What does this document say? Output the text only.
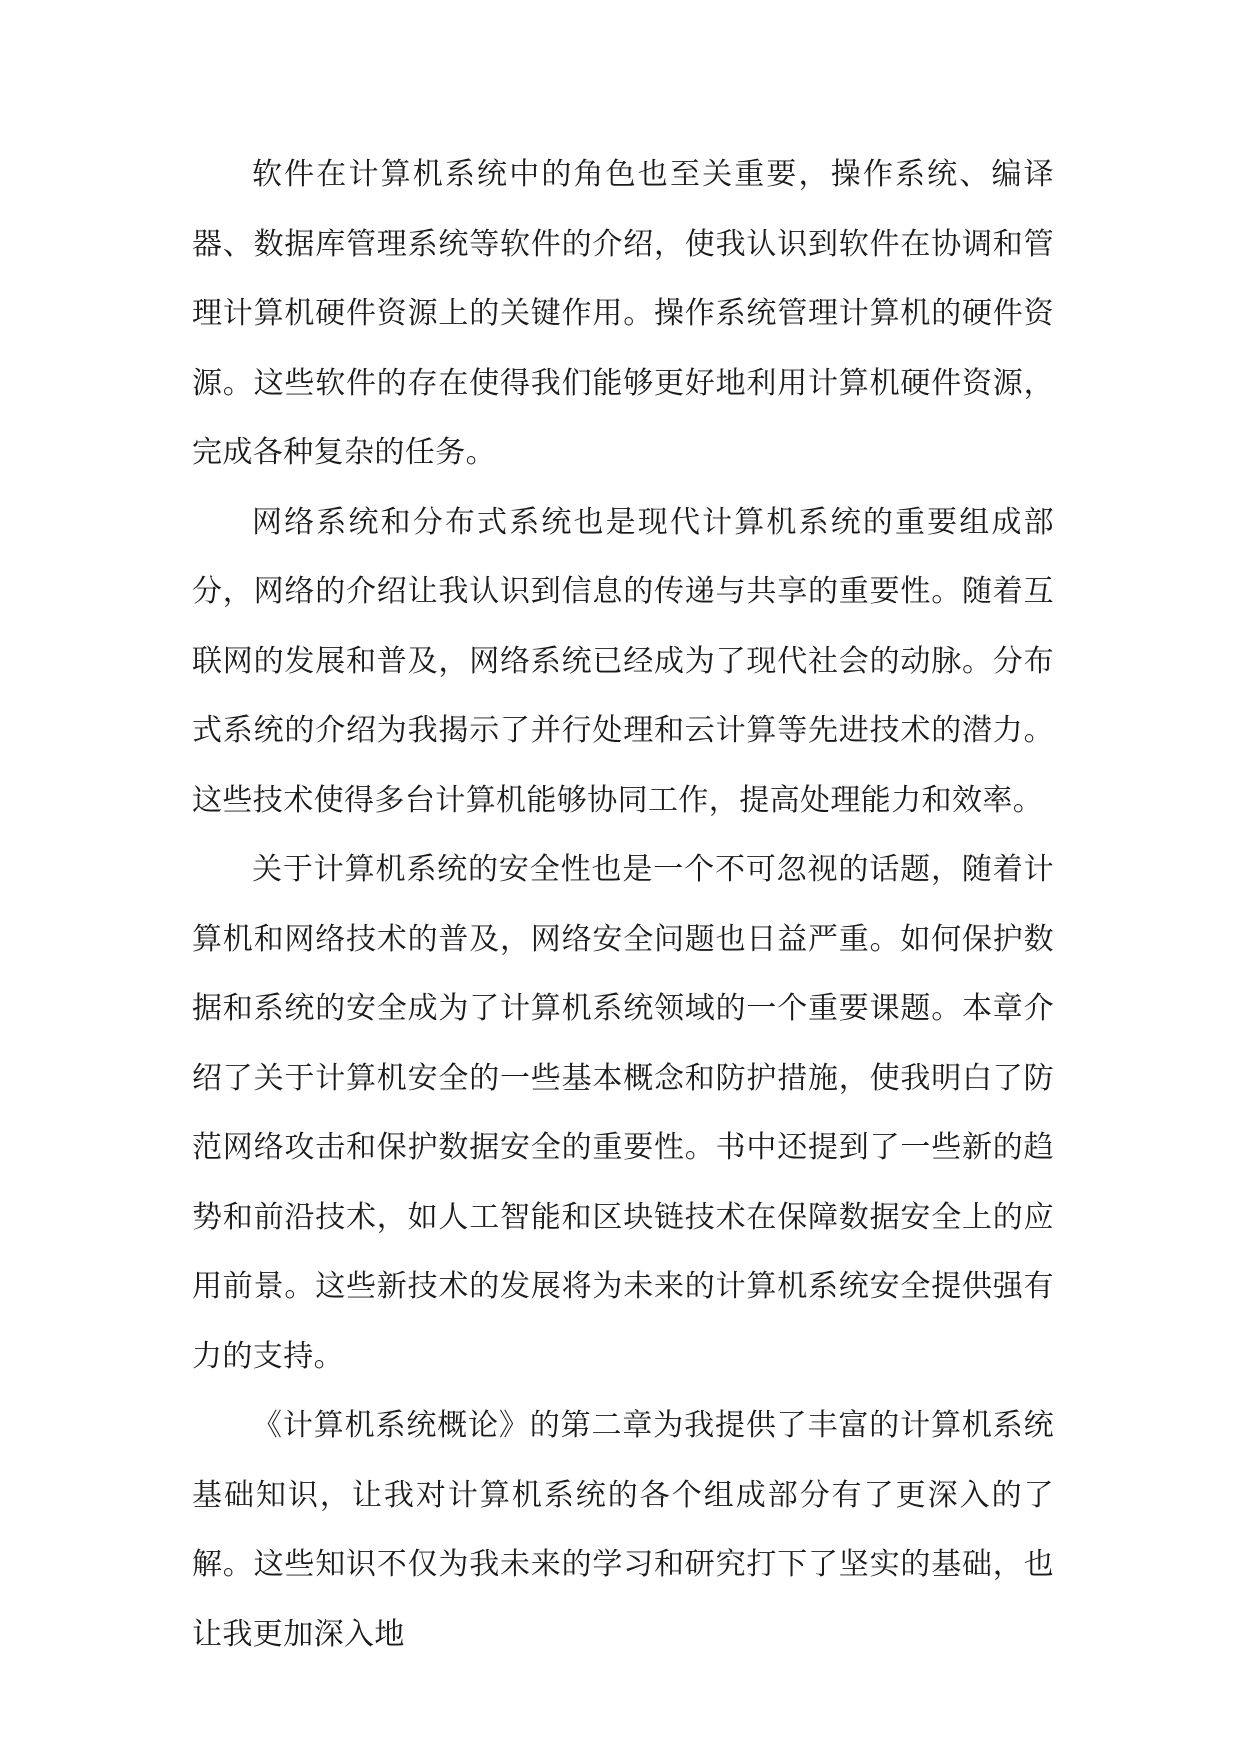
软件在计算机系统中的角色也至关重要，操作系统、编译器、数据库管理系统等软件的介绍，使我认识到软件在协调和管理计算机硬件资源上的关键作用。操作系统管理计算机的硬件资源。这些软件的存在使得我们能够更好地利用计算机硬件资源，完成各种复杂的任务。

网络系统和分布式系统也是现代计算机系统的重要组成部分，网络的介绍让我认识到信息的传递与共享的重要性。随着互联网的发展和普及，网络系统已经成为了现代社会的动脉。分布式系统的介绍为我揭示了并行处理和云计算等先进技术的潜力。这些技术使得多台计算机能够协同工作，提高处理能力和效率。

关于计算机系统的安全性也是一个不可忽视的话题，随着计算机和网络技术的普及，网络安全问题也日益严重。如何保护数据和系统的安全成为了计算机系统领域的一个重要课题。本章介绍了关于计算机安全的一些基本概念和防护措施，使我明白了防范网络攻击和保护数据安全的重要性。书中还提到了一些新的趋势和前沿技术，如人工智能和区块链技术在保障数据安全上的应用前景。这些新技术的发展将为未来的计算机系统安全提供强有力的支持。

《计算机系统概论》的第二章为我提供了丰富的计算机系统基础知识，让我对计算机系统的各个组成部分有了更深入的了解。这些知识不仅为我未来的学习和研究打下了坚实的基础，也让我更加深入地
